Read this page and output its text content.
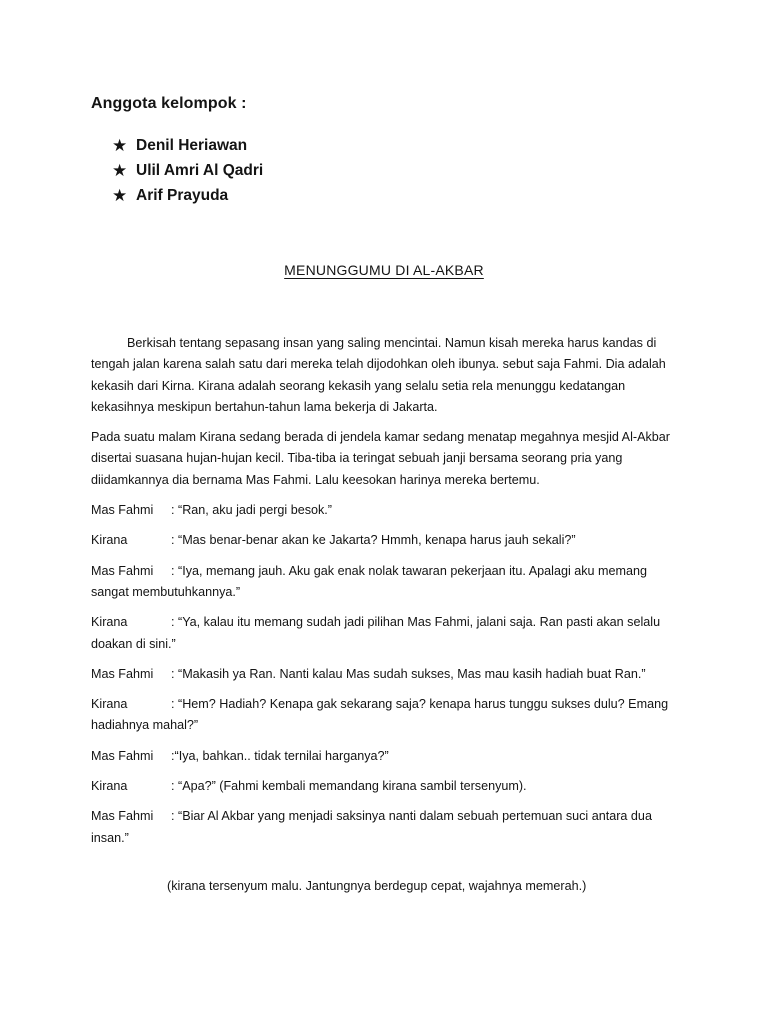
Anggota kelompok :
★ Denil Heriawan
★ Ulil Amri Al Qadri
★ Arif Prayuda
MENUNGGUMU DI AL-AKBAR

Berkisah tentang sepasang insan yang saling mencintai. Namun kisah mereka harus kandas di tengah jalan karena salah satu dari mereka telah dijodohkan oleh ibunya. sebut saja Fahmi. Dia adalah kekasih dari Kirna. Kirana adalah seorang kekasih yang selalu setia rela menunggu kedatangan kekasihnya meskipun bertahun-tahun lama bekerja di Jakarta.

Pada suatu malam Kirana sedang berada di jendela kamar sedang menatap megahnya mesjid Al-Akbar disertai suasana hujan-hujan kecil. Tiba-tiba ia teringat sebuah janji bersama seorang pria yang diidamkannya dia bernama Mas Fahmi. Lalu keesokan harinya mereka bertemu.

Mas Fahmi : “Ran, aku jadi pergi besok.”
Kirana	: “Mas benar-benar akan ke Jakarta? Hmmh, kenapa harus jauh sekali?”
Mas Fahmi : “Iya, memang jauh. Aku gak enak nolak tawaran pekerjaan itu. Apalagi aku memang sangat membutuhkannya.”
Kirana	: “Ya, kalau itu memang sudah jadi pilihan Mas Fahmi, jalani saja. Ran pasti akan selalu doakan di sini.”
Mas Fahmi : “Makasih ya Ran. Nanti kalau Mas sudah sukses, Mas mau kasih hadiah buat Ran.”
Kirana	: “Hem? Hadiah? Kenapa gak sekarang saja? kenapa harus tunggu sukses dulu? Emang hadiahnya mahal?”
Mas Fahmi :“Iya, bahkan.. tidak ternilai harganya?”
Kirana	: “Apa?” (Fahmi kembali memandang kirana sambil tersenyum).
Mas Fahmi : “Biar Al Akbar yang menjadi saksinya nanti dalam sebuah pertemuan suci antara dua insan.”
(kirana tersenyum malu. Jantungnya berdegup cepat, wajahnya memerah.)
